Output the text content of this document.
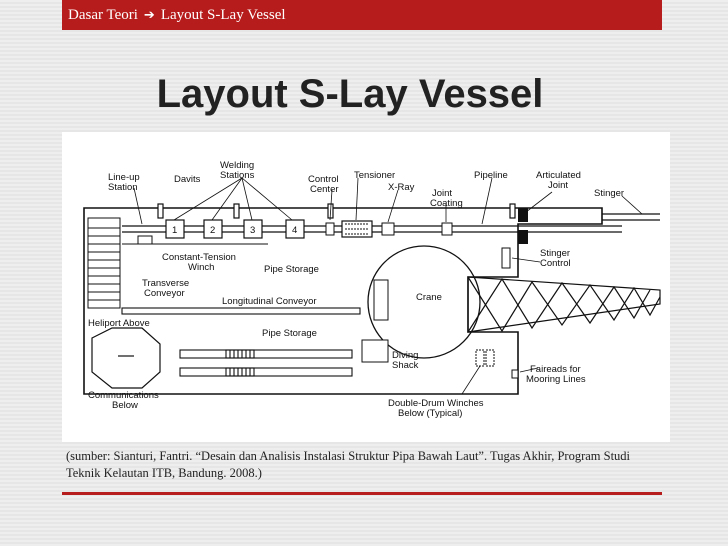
Dasar Teori ➔ Layout S-Lay Vessel
Layout S-Lay Vessel
Line-up
Station
Davits
Welding
Stations	Control
Center
Tensioner
X-Ray
Joint
Coating
Pipeline	Articulated
Joint
Stinger
1	2	3	4
Constant-Tension
Winch
Transverse
Conveyor
Pipe Storage
Stinger
Control
Crane
Longitudinal Conveyor
Heliport Above
Pipe Storage
Diving
Shack	Faireads for
Mooring Lines
Communications
Below	Double-Drum Winches
Below (Typical)
(sumber: Sianturi, Fantri. “Desain dan Analisis Instalasi Struktur Pipa Bawah Laut”. Tugas Akhir, Program Studi Teknik Kelautan ITB, Bandung. 2008.)
